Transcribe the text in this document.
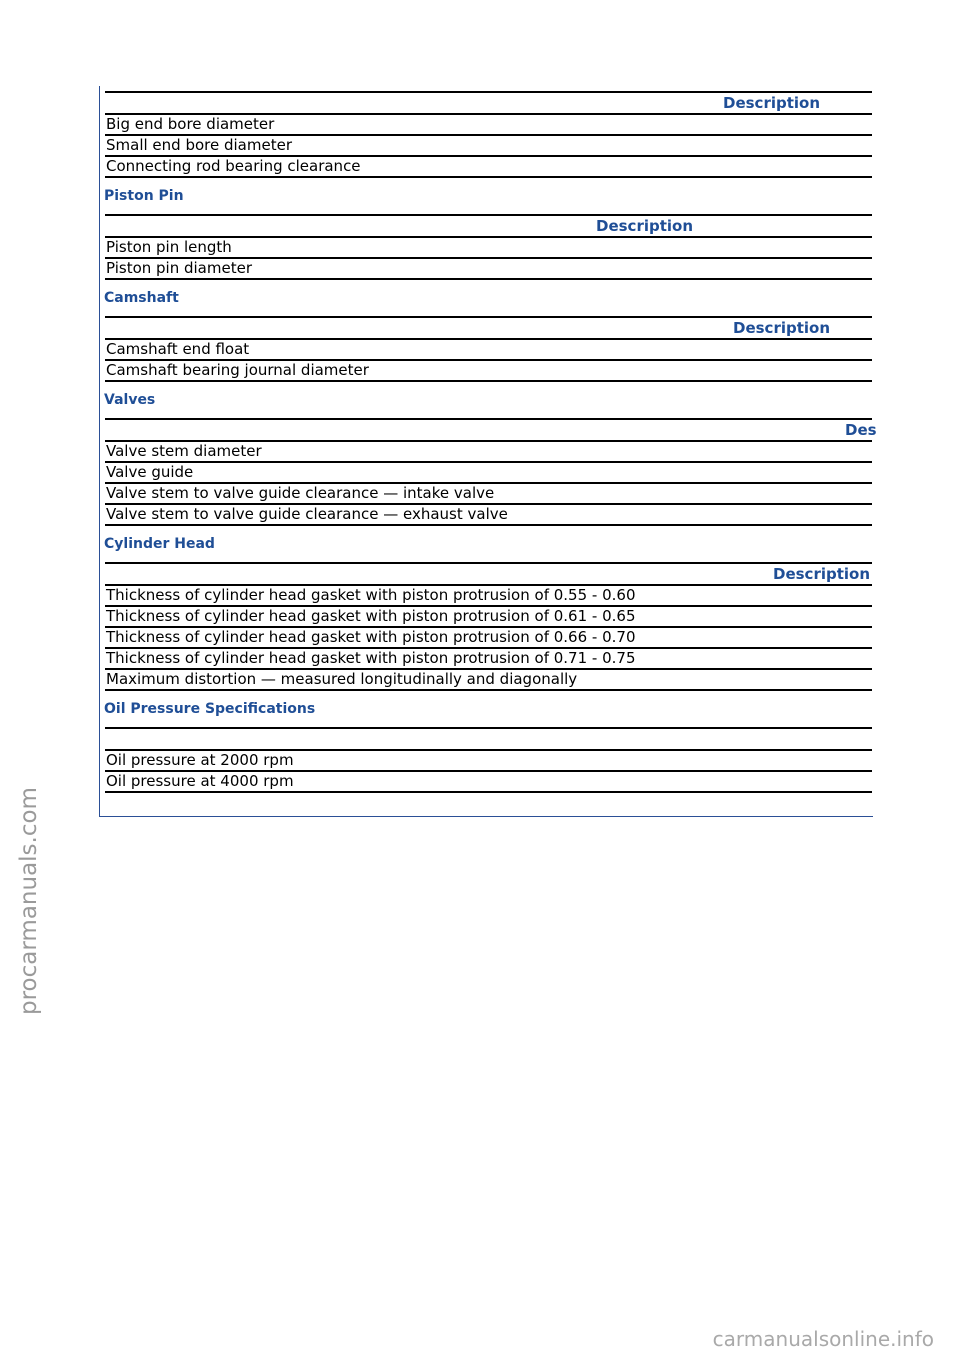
Description

Big end bore diameter
Small end bore diameter
Connecting rod bearing clearance
Piston Pin
Description

Piston pin length
Piston pin diameter
Camshaft
Description

Camshaft end float
Camshaft bearing journal diameter
Valves
Des

Valve stem diameter
Valve guide
Valve stem to valve guide clearance — intake valve
Valve stem to valve guide clearance — exhaust valve
Cylinder Head
Description

Thickness of cylinder head gasket with piston protrusion of 0.55 - 0.60
Thickness of cylinder head gasket with piston protrusion of 0.61 - 0.65
Thickness of cylinder head gasket with piston protrusion of 0.66 - 0.70
Thickness of cylinder head gasket with piston protrusion of 0.71 - 0.75
Maximum distortion — measured longitudinally and diagonally
Oil Pressure Specifications

Oil pressure at 2000 rpm
Oil pressure at 4000 rpm
procarmanuals.com
carmanualsonline.info
